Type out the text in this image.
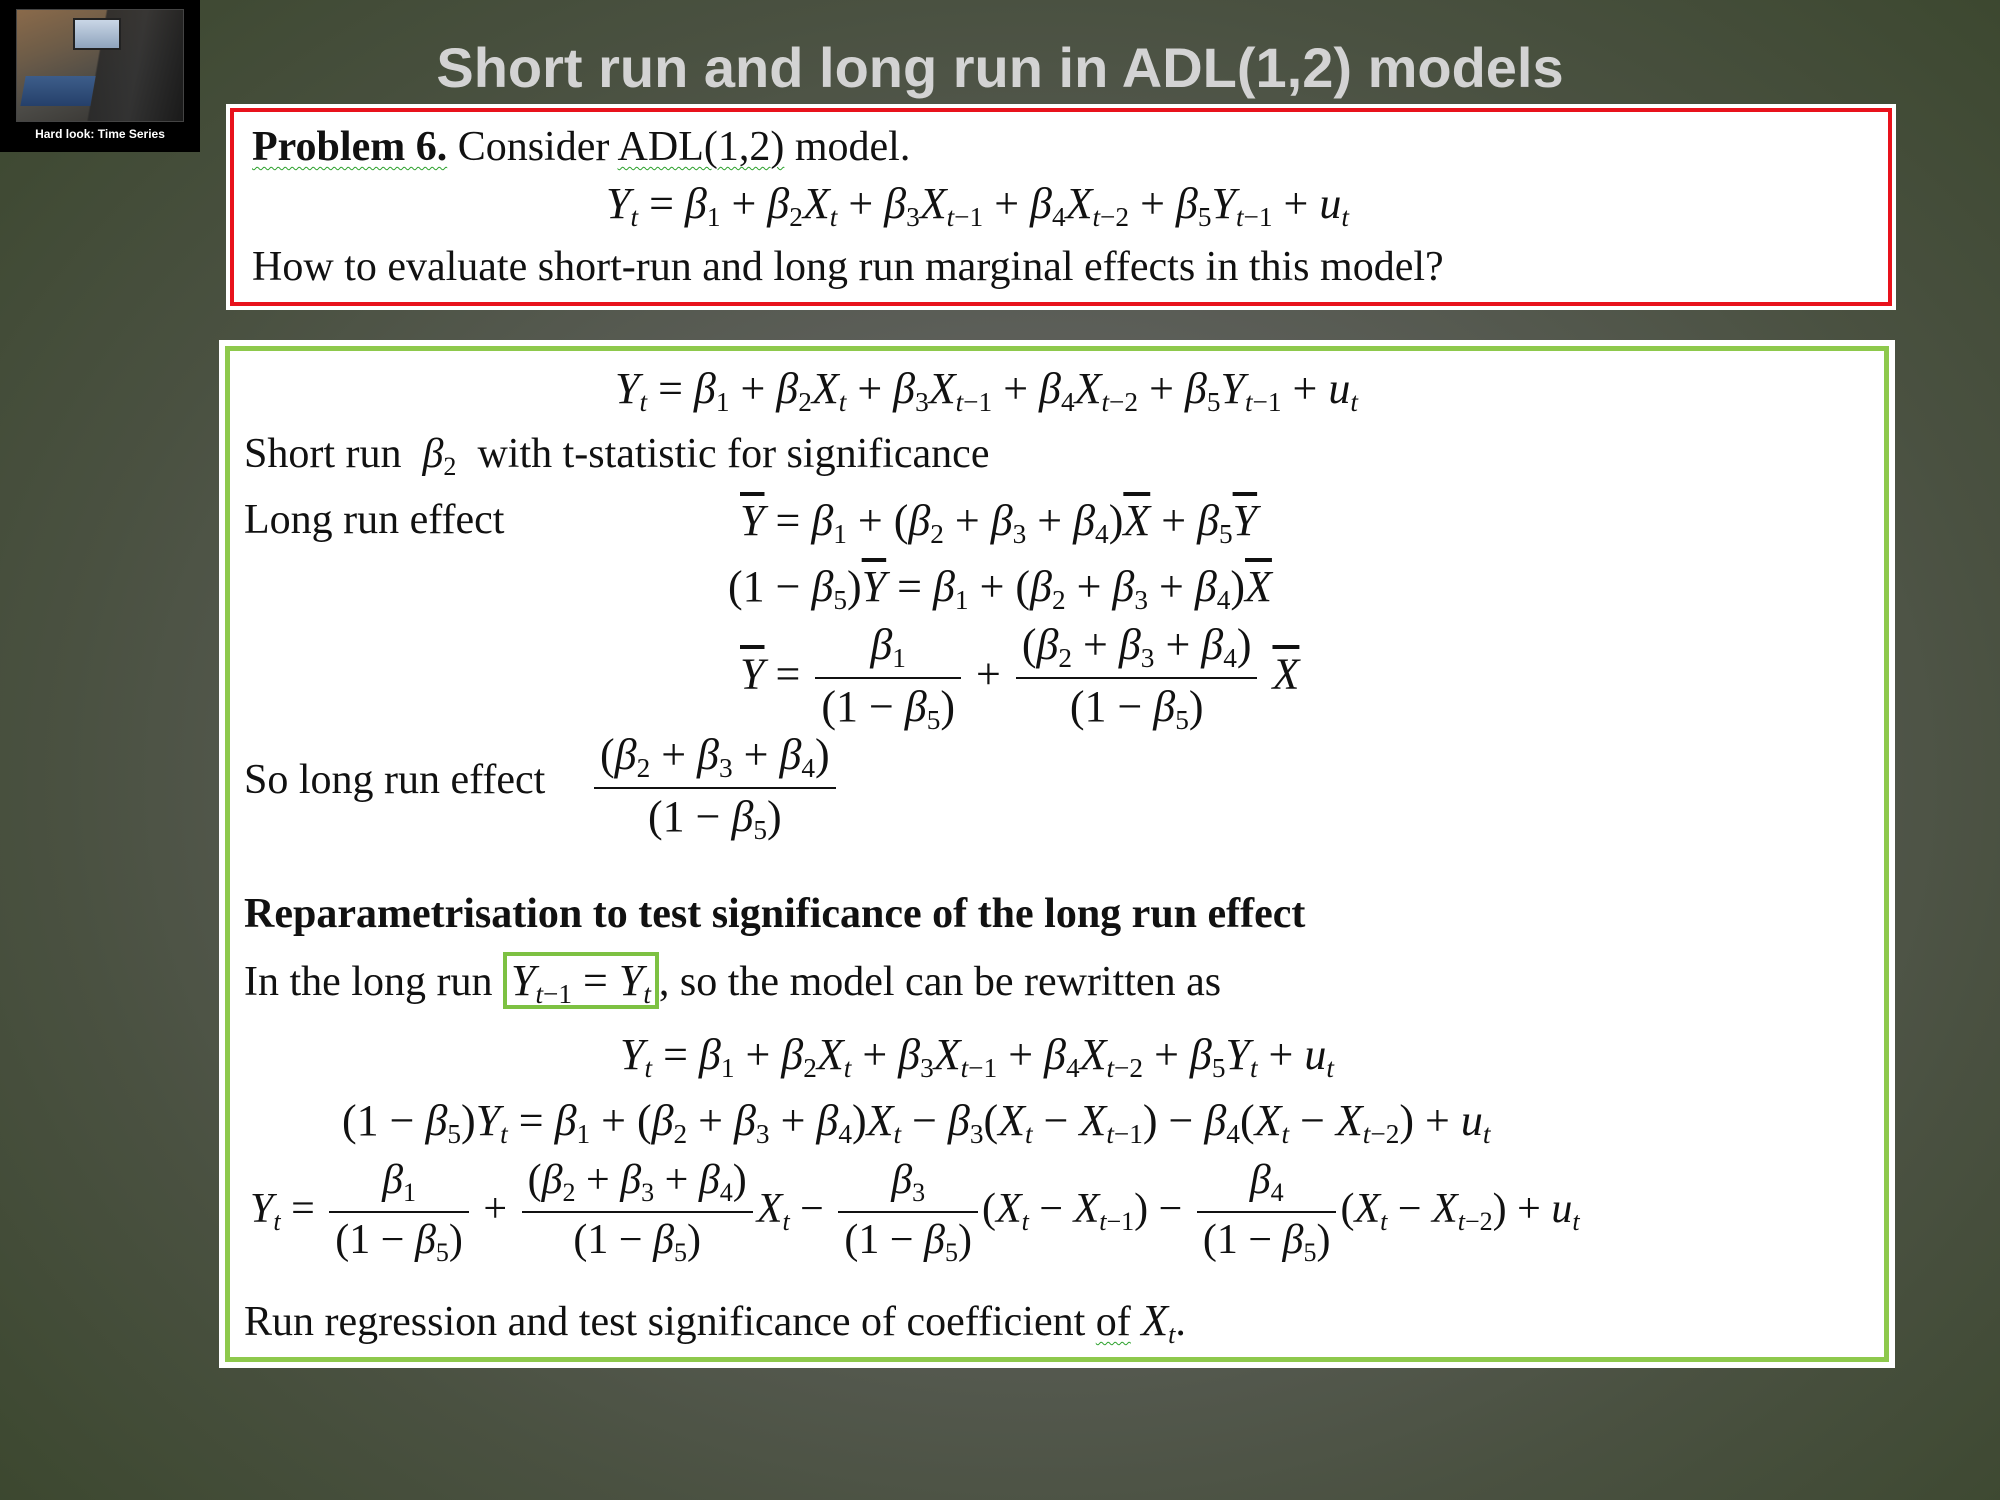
Hard look: Time Series
Short run and long run in ADL(1,2) models
Problem 6. Consider ADL(1,2) model.
$Y_t = \beta_1 + \beta_2X_t + \beta_3X_{t-1} + \beta_4X_{t-2} + \beta_5Y_{t-1} + u_t$
How to evaluate short-run and long run marginal effects in this model?
$Y_t = \beta_1 + \beta_2X_t + \beta_3X_{t-1} + \beta_4X_{t-2} + \beta_5Y_{t-1} + u_t$
Short run $\beta_2$ with t-statistic for significance
Long run effect	$\overline{Y} = \beta_1 + (\beta_2 + \beta_3 + \beta_4)\overline{X} + \beta_5\overline{Y}$
$(1 - \beta_5)\overline{Y} = \beta_1 + (\beta_2 + \beta_3 + \beta_4)\overline{X}$
$\overline{Y} = \frac{\beta_1}{(1 - \beta_5)} + \frac{(\beta_2 + \beta_3 + \beta_4)}{(1 - \beta_5)} \overline{X}$
So long run effect $\frac{(\beta_2 + \beta_3 + \beta_4)}{(1 - \beta_5)}$
Reparametrisation to test significance of the long run effect
In the long run $Y_{t-1} = Y_t$ , so the model can be rewritten as
$Y_t = \beta_1 + \beta_2X_t + \beta_3X_{t-1} + \beta_4X_{t-2} + \beta_5Y_t + u_t$
$(1 - \beta_5)Y_t = \beta_1 + (\beta_2 + \beta_3 + \beta_4)X_t - \beta_3(X_t - X_{t-1}) - \beta_4(X_t - X_{t-2}) + u_t$
$Y_t = \frac{\beta_1}{(1 - \beta_5)} + \frac{(\beta_2 + \beta_3 + \beta_4)}{(1 - \beta_5)} X_t - \frac{\beta_3}{(1 - \beta_5)} (X_t - X_{t-1}) - \frac{\beta_4}{(1 - \beta_5)} (X_t - X_{t-2}) + u_t$
Run regression and test significance of coefficient of $X_t$.
